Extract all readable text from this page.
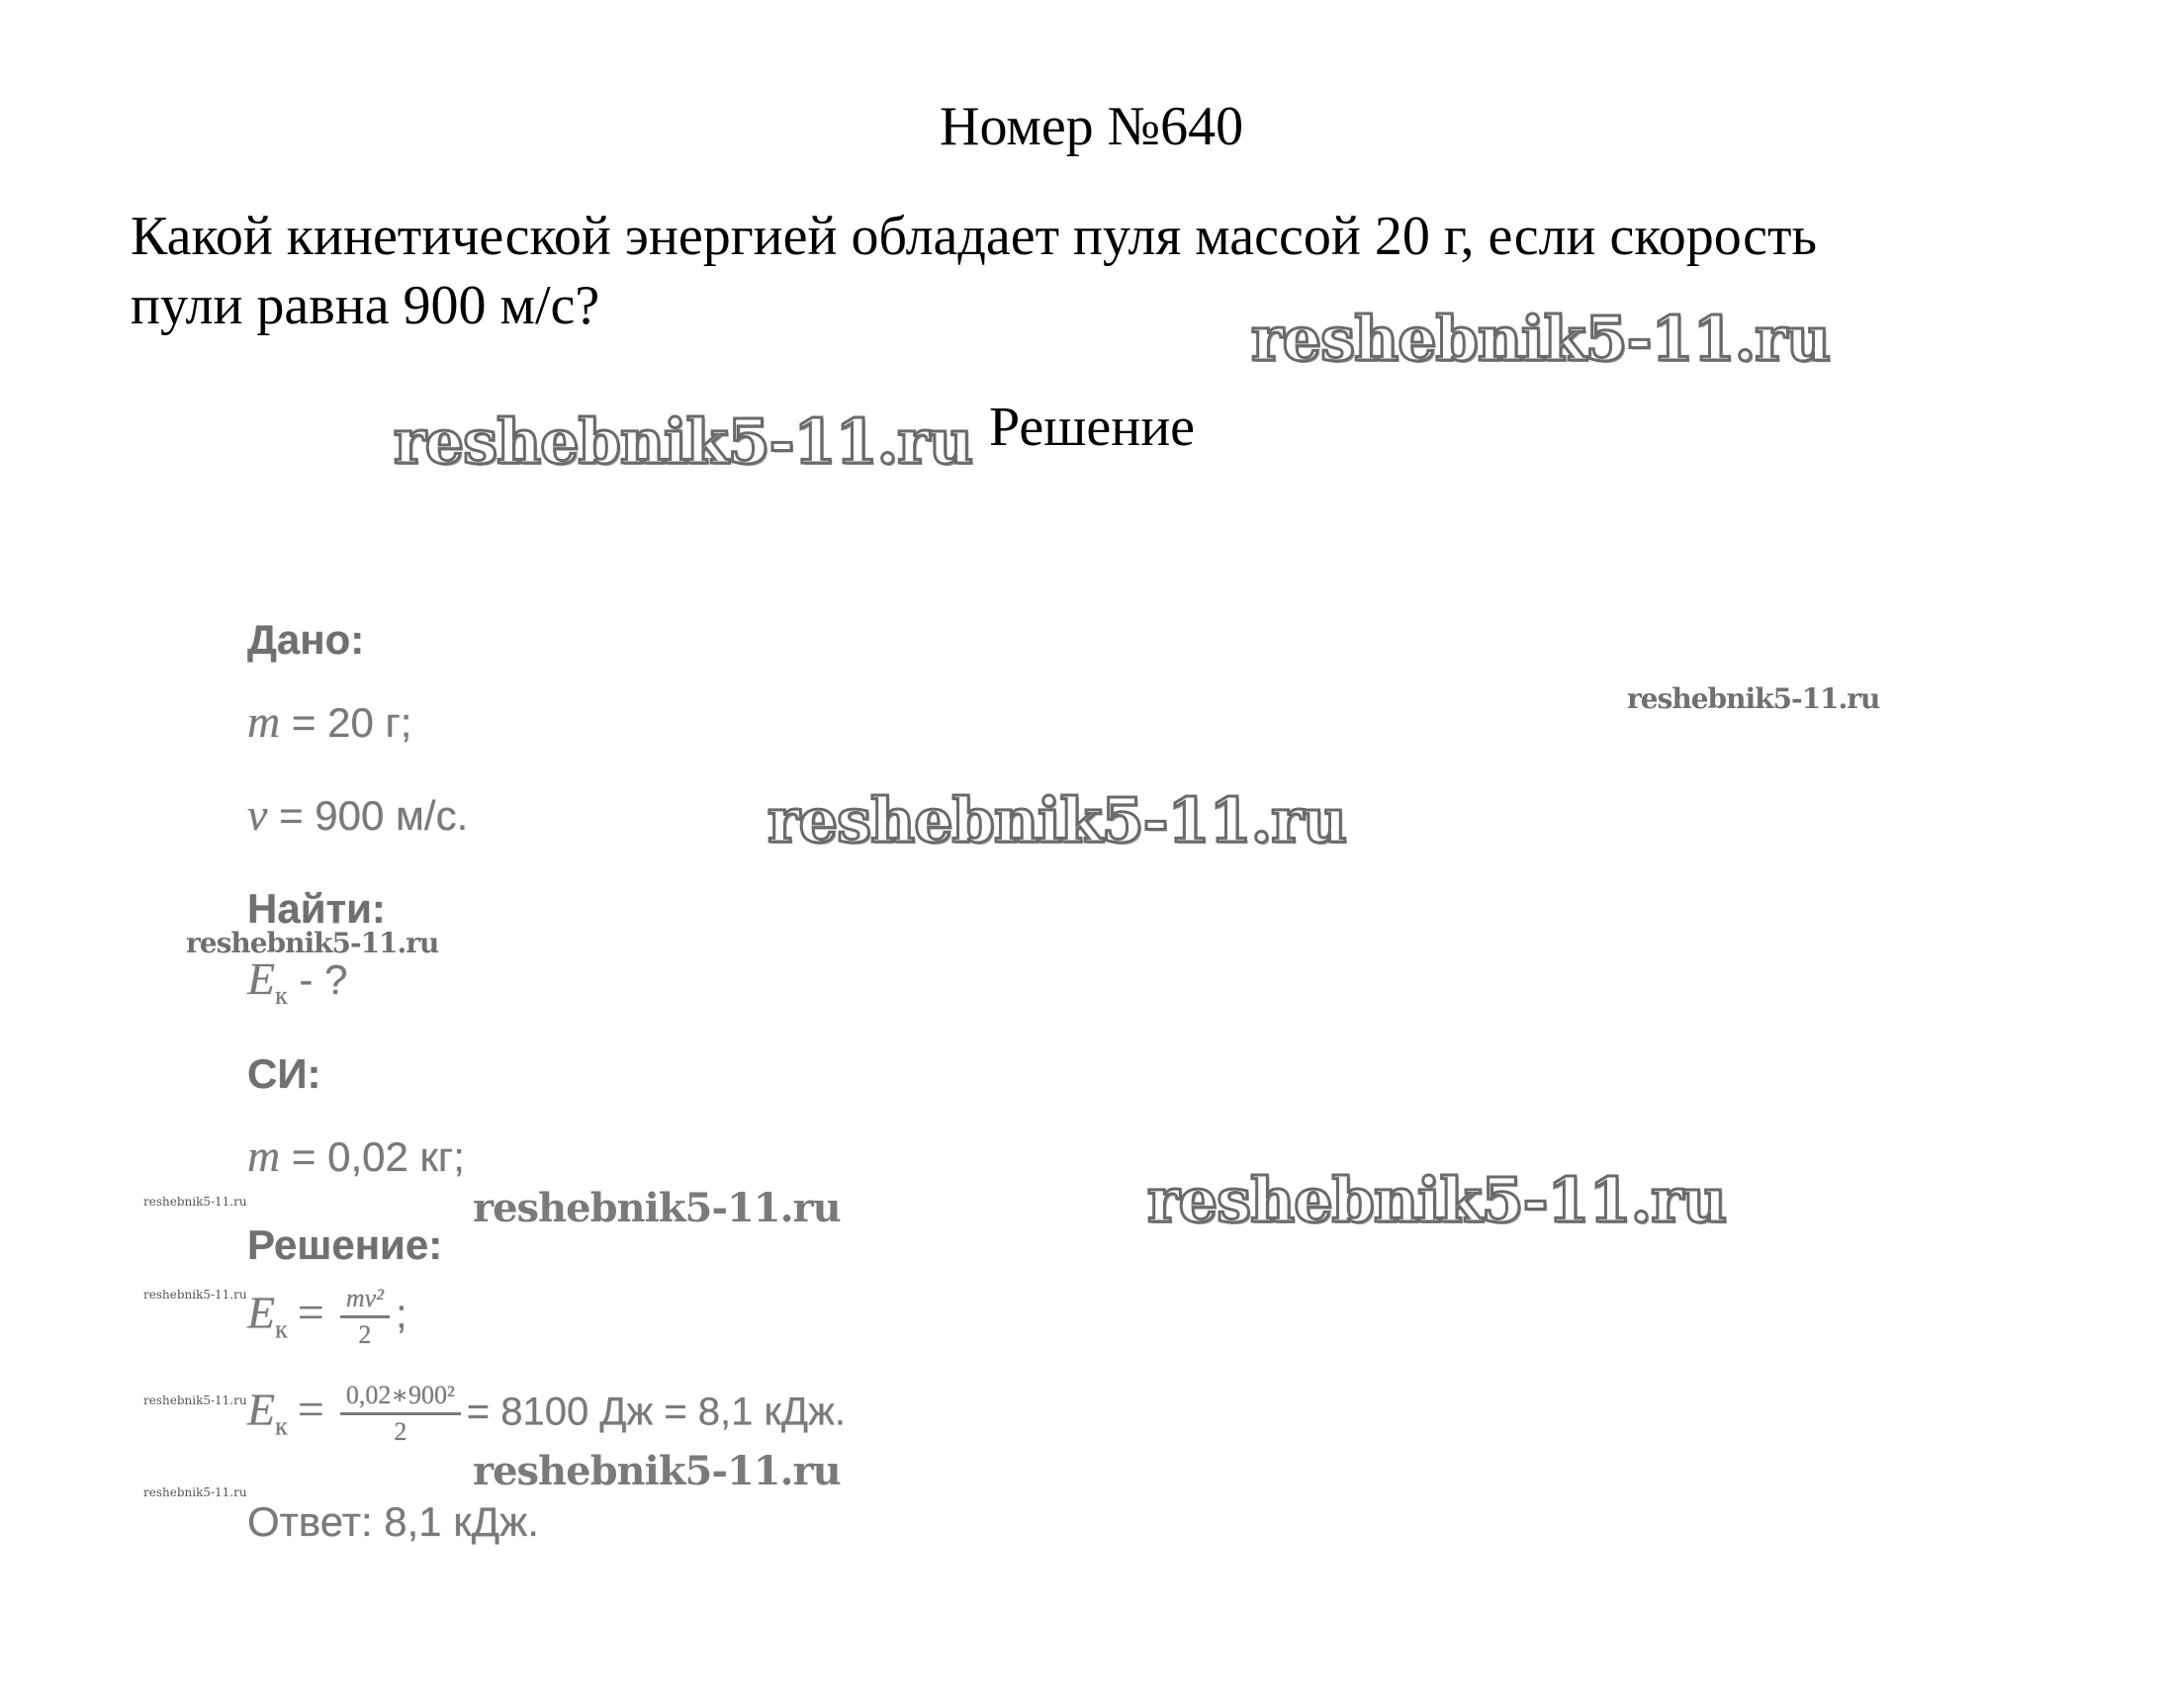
Номер №640
Какой кинетической энергией обладает пуля массой 20 г, если скорость
пули равна 900 м/с?
Решение
Дано:
m = 20 г;
v = 900 м/с.
Найти:
$E_к$ - ?
СИ:
m = 0,02 кг;
Решение:
$E_к = \frac{\text{mv²}}{2}$ ;
$E_к = \frac{\text{0,02∗900²}}{2} = 8100$ Дж = 8,1 кДж.
Ответ: 8,1 кДж.
reshebnik5-11.ru
reshebnik5-11.ru
reshebnik5-11.ru
reshebnik5-11.ru
reshebnik5-11.ru
reshebnik5-11.ru
reshebnik5-11.ru
reshebnik5-11.ru
reshebnik5-11.ru
reshebnik5-11.ru
reshebnik5-11.ru
reshebnik5-11.ru
